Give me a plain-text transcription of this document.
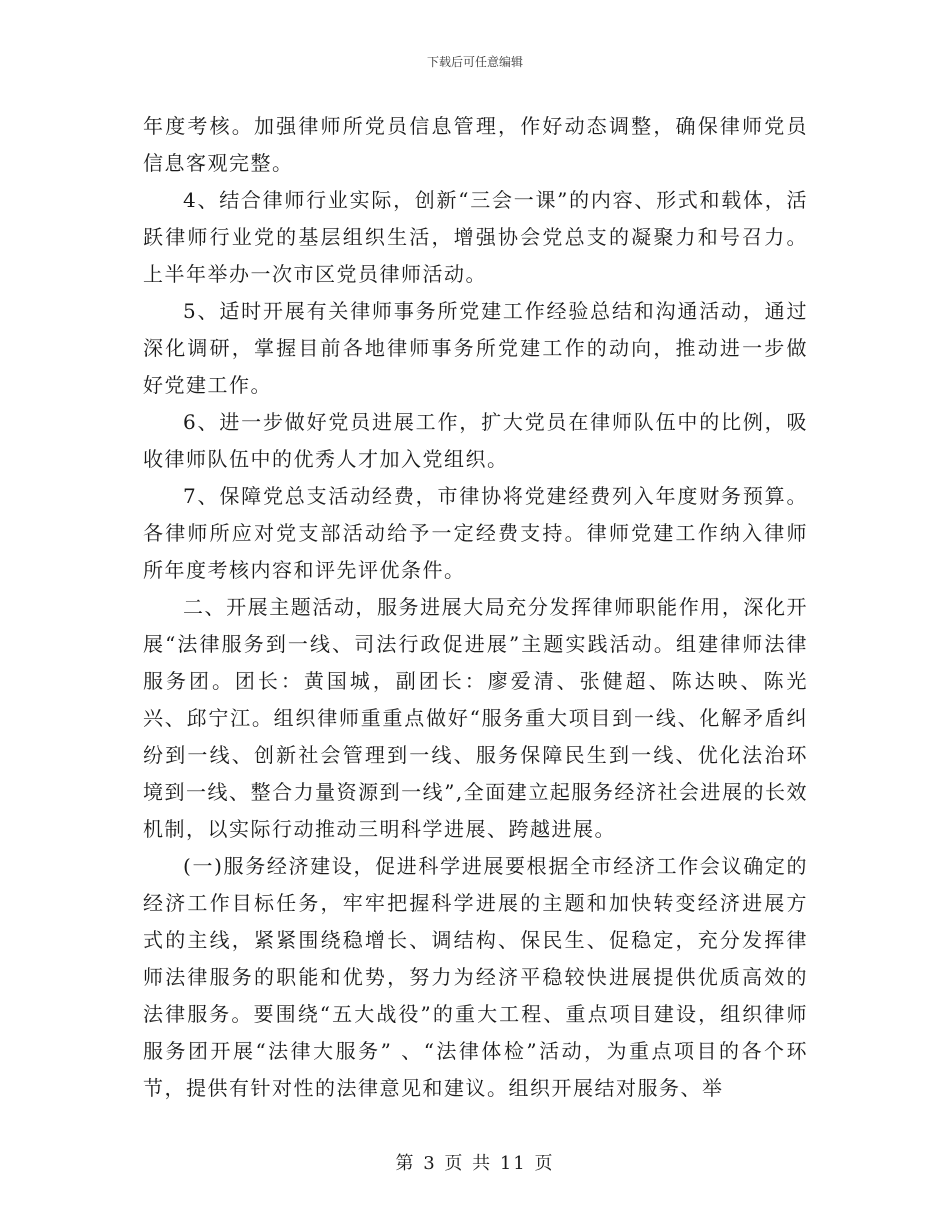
下载后可任意编辑

年度考核。加强律师所党员信息管理，作好动态调整，确保律师党员信息客观完整。

4、结合律师行业实际，创新“三会一课”的内容、形式和载体，活跃律师行业党的基层组织生活，增强协会党总支的凝聚力和号召力。 上半年举办一次市区党员律师活动。

5、适时开展有关律师事务所党建工作经验总结和沟通活动，通过深化调研，掌握目前各地律师事务所党建工作的动向，推动进一步做好党建工作。

6、进一步做好党员进展工作，扩大党员在律师队伍中的比例，吸收律师队伍中的优秀人才加入党组织。

7、保障党总支活动经费，市律协将党建经费列入年度财务预算。各律师所应对党支部活动给予一定经费支持。律师党建工作纳入律师所年度考核内容和评先评优条件。

二、开展主题活动，服务进展大局充分发挥律师职能作用，深化开展“法律服务到一线、司法行政促进展”主题实践活动。组建律师法律服务团。团长：黄国城，副团长：廖爱清、张健超、陈达映、陈光兴、邱宁江。组织律师重重点做好“服务重大项目到一线、化解矛盾纠纷到一线、创新社会管理到一线、服务保障民生到一线、优化法治环境到一线、整合力量资源到一线”,全面建立起服务经济社会进展的长效机制，以实际行动推动三明科学进展、跨越进展。

(一)服务经济建设，促进科学进展要根据全市经济工作会议确定的经济工作目标任务，牢牢把握科学进展的主题和加快转变经济进展方式的主线，紧紧围绕稳增长、调结构、保民生、促稳定，充分发挥律师法律服务的职能和优势，努力为经济平稳较快进展提供优质高效的法律服务。要围绕“五大战役”的重大工程、重点项目建设，组织律师服务团开展“法律大服务” 、“法律体检”活动，为重点项目的各个环节，提供有针对性的法律意见和建议。组织开展结对服务、举

第 3 页 共 11 页
